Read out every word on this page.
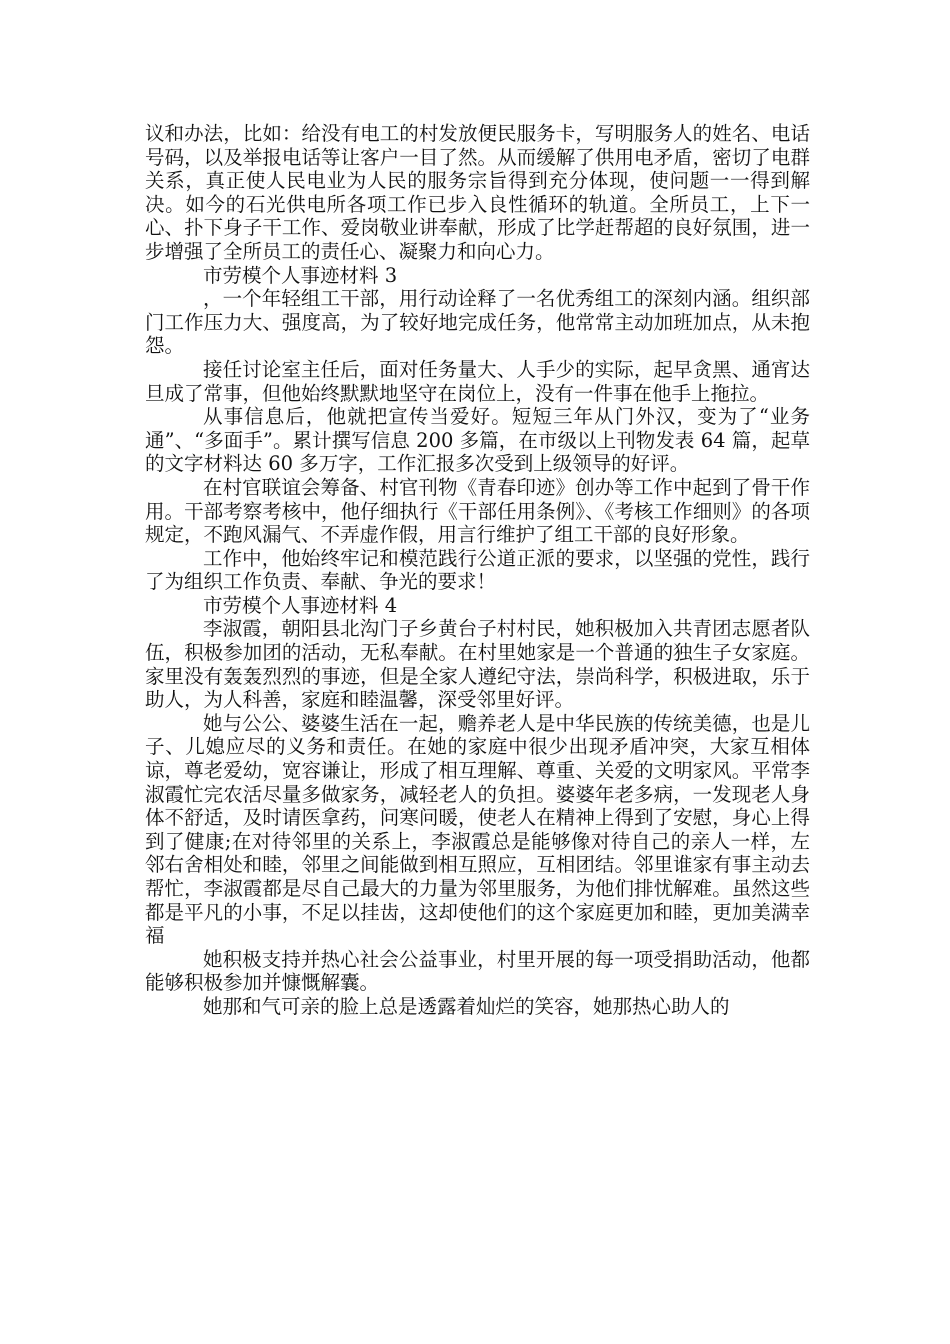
议和办法，比如：给没有电工的村发放便民服务卡，写明服务人的姓名、电话号码，以及举报电话等让客户一目了然。从而缓解了供用电矛盾，密切了电群关系，真正使人民电业为人民的服务宗旨得到充分体现，使问题一一得到解决。如今的石光供电所各项工作已步入良性循环的轨道。全所员工，上下一心、扑下身子干工作、爱岗敬业讲奉献，形成了比学赶帮超的良好氛围，进一步增强了全所员工的责任心、凝聚力和向心力。

市劳模个人事迹材料 3

，一个年轻组工干部，用行动诠释了一名优秀组工的深刻内涵。组织部门工作压力大、强度高，为了较好地完成任务，他常常主动加班加点，从未抱怨。

接任讨论室主任后，面对任务量大、人手少的实际，起早贪黑、通宵达旦成了常事，但他始终默默地坚守在岗位上，没有一件事在他手上拖拉。

从事信息后，他就把宣传当爱好。短短三年从门外汉，变为了“业务通”、“多面手”。累计撰写信息 200 多篇，在市级以上刊物发表 64 篇，起草的文字材料达 60 多万字，工作汇报多次受到上级领导的好评。

在村官联谊会筹备、村官刊物《青春印迹》创办等工作中起到了骨干作用。干部考察考核中，他仔细执行《干部任用条例》、《考核工作细则》的各项规定，不跑风漏气、不弄虚作假，用言行维护了组工干部的良好形象。

工作中，他始终牢记和模范践行公道正派的要求，以坚强的党性，践行了为组织工作负责、奉献、争光的要求！

市劳模个人事迹材料 4

李淑霞，朝阳县北沟门子乡黄台子村村民，她积极加入共青团志愿者队伍，积极参加团的活动，无私奉献。在村里她家是一个普通的独生子女家庭。家里没有轰轰烈烈的事迹，但是全家人遵纪守法，崇尚科学，积极进取，乐于助人，为人科善，家庭和睦温馨，深受邻里好评。

她与公公、婆婆生活在一起，赡养老人是中华民族的传统美德，也是儿子、儿媳应尽的义务和责任。在她的家庭中很少出现矛盾冲突，大家互相体谅，尊老爱幼，宽容谦让，形成了相互理解、尊重、关爱的文明家风。平常李淑霞忙完农活尽量多做家务，减轻老人的负担。婆婆年老多病，一发现老人身体不舒适，及时请医拿药，问寒问暖，使老人在精神上得到了安慰，身心上得到了健康;在对待邻里的关系上，李淑霞总是能够像对待自己的亲人一样，左邻右舍相处和睦，邻里之间能做到相互照应，互相团结。邻里谁家有事主动去帮忙，李淑霞都是尽自己最大的力量为邻里服务，为他们排忧解难。虽然这些都是平凡的小事，不足以挂齿，这却使他们的这个家庭更加和睦，更加美满幸福

她积极支持并热心社会公益事业，村里开展的每一项受捐助活动，他都能够积极参加并慷慨解囊。

她那和气可亲的脸上总是透露着灿烂的笑容，她那热心助人的
